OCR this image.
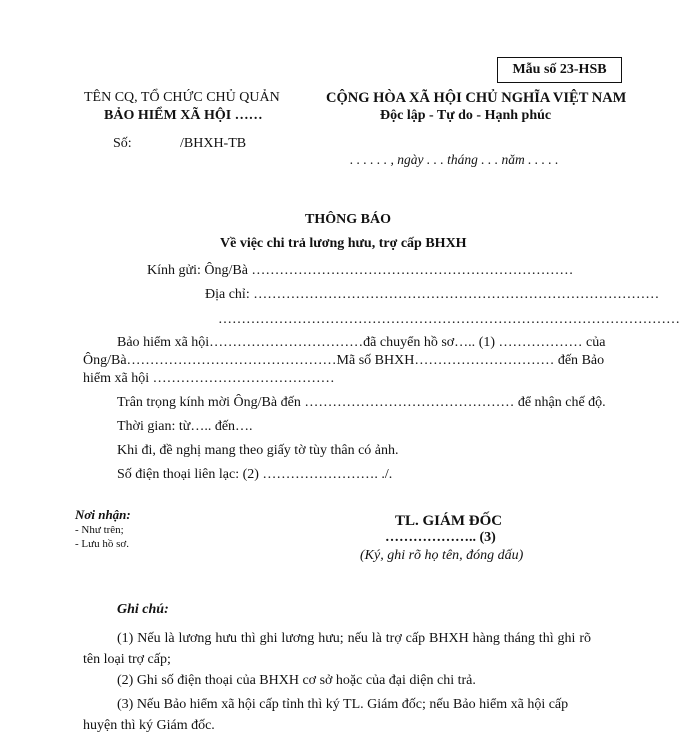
Mẫu số 23-HSB
TÊN CQ, TỔ CHỨC CHỦ QUẢN
BẢO HIỂM XÃ HỘI ……
Số:	/BHXH-TB
CỘNG HÒA XÃ HỘI CHỦ NGHĨA VIỆT NAM
Độc lập - Tự do - Hạnh phúc
. . . . . . , ngày . . . tháng . . . năm . . . . .
THÔNG BÁO
Về việc chi trả lương hưu, trợ cấp BHXH
Kính gửi: Ông/Bà ……………………………………………………………
Địa chỉ: ……………………………………………………………………………
………………………………………………………………………………………
Bảo hiểm xã hội……………………………đã chuyển hồ sơ….. (1) ……………… của
Ông/Bà………………………………………Mã số BHXH………………………… đến Bảo
hiểm xã hội …………………………………
Trân trọng kính mời Ông/Bà đến ……………………………………… để nhận chế độ.
Thời gian: từ….. đến….
Khi đi, đề nghị mang theo giấy tờ tùy thân có ảnh.
Số điện thoại liên lạc: (2) ……………………. ./.
Nơi nhận:
- Như trên;
- Lưu hồ sơ.
TL. GIÁM ĐỐC
……………….. (3)
(Ký, ghi rõ họ tên, đóng dấu)
Ghi chú:
(1) Nếu là lương hưu thì ghi lương hưu; nếu là trợ cấp BHXH hàng tháng thì ghi rõ tên loại trợ cấp;
(2) Ghi số điện thoại của BHXH cơ sở hoặc của đại diện chi trả.
(3) Nếu Bảo hiểm xã hội cấp tỉnh thì ký TL. Giám đốc; nếu Bảo hiểm xã hội cấp huyện thì ký Giám đốc.
